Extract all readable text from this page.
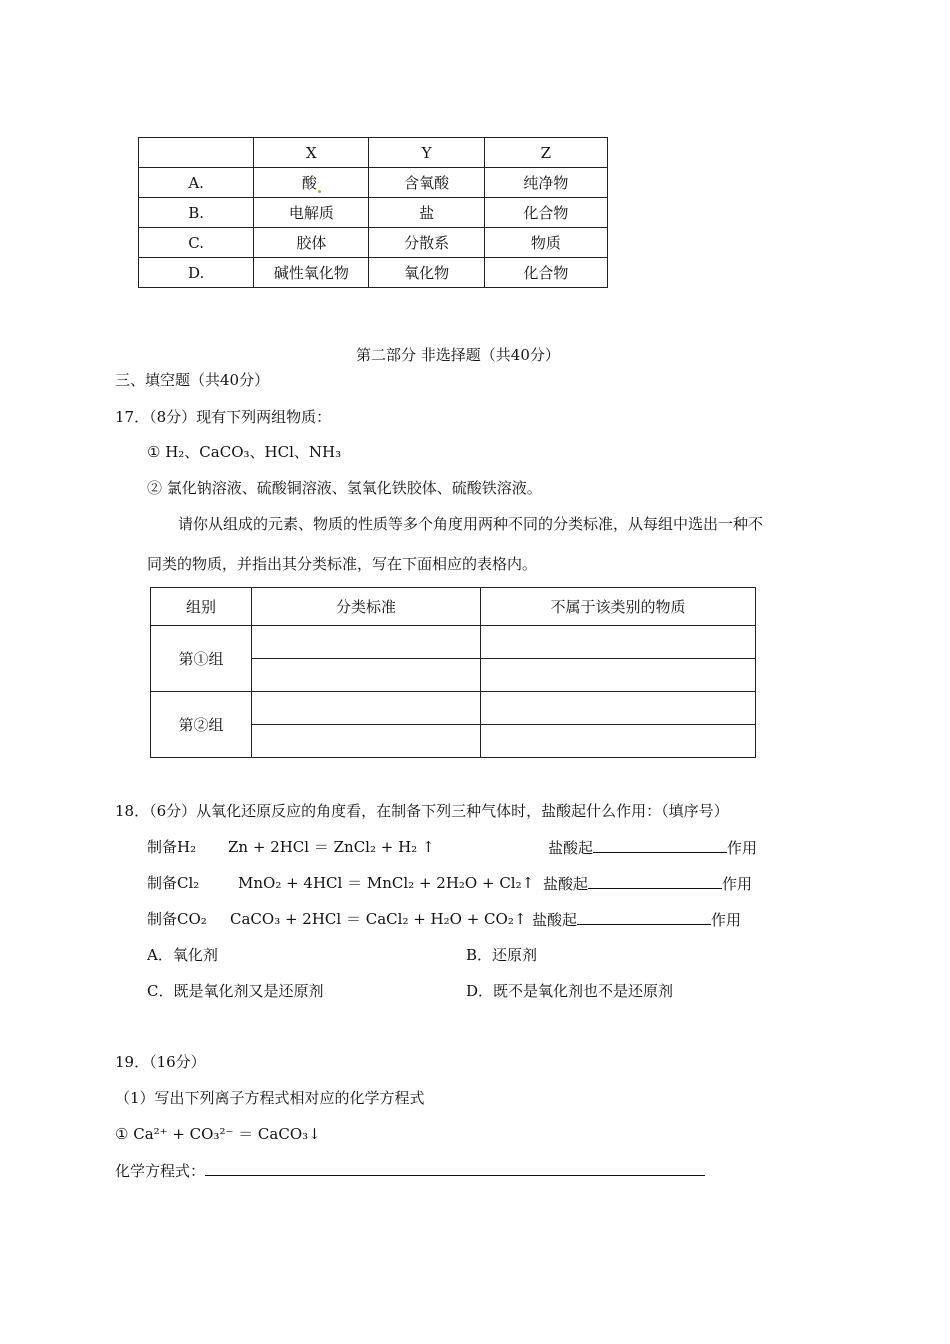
	X	Y	Z
A.	酸	含氧酸	纯净物
B.	电解质	盐	化合物
C.	胶体	分散系	物质
D.	碱性氧化物	氧化物	化合物
第二部分 非选择题（共40分）
三、填空题（共40分）
17．（8分）现有下列两组物质：
① H₂、CaCO₃、HCl、NH₃
② 氯化钠溶液、硫酸铜溶液、氢氧化铁胶体、硫酸铁溶液。
请你从组成的元素、物质的性质等多个角度用两种不同的分类标准，从每组中选出一种不
同类的物质，并指出其分类标准，写在下面相应的表格内。
组别	分类标准	不属于该类别的物质
第①组		

第②组		

18．（6分）从氧化还原反应的角度看，在制备下列三种气体时，盐酸起什么作用：（填序号）
制备H₂ Zn + 2HCl ＝ ZnCl₂ + H₂ ↑	盐酸起	作用
制备Cl₂	MnO₂ + 4HCl ＝ MnCl₂ + 2H₂O + Cl₂↑ 盐酸起	作用
制备CO₂ CaCO₃ + 2HCl ＝ CaCl₂ + H₂O + CO₂↑ 盐酸起	作用
A．氧化剂	B．还原剂
C．既是氧化剂又是还原剂	D．既不是氧化剂也不是还原剂
19．（16分）
（1）写出下列离子方程式相对应的化学方程式
① Ca²⁺ + CO₃²⁻ ＝ CaCO₃↓
化学方程式：
